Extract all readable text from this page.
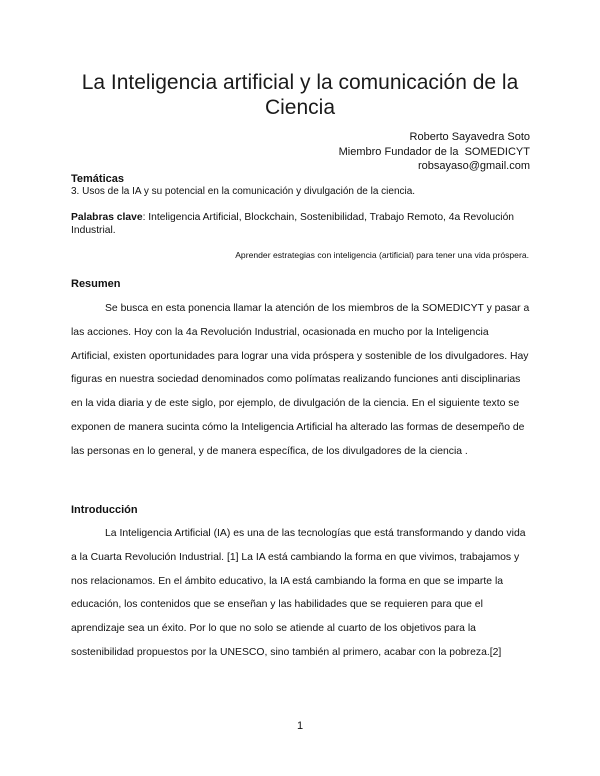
La Inteligencia artificial y la comunicación de la Ciencia
Roberto Sayavedra Soto
Miembro Fundador de la  SOMEDICYT
robsayaso@gmail.com
Temáticas
3. Usos de la IA y su potencial en la comunicación y divulgación de la ciencia.
Palabras clave: Inteligencia Artificial, Blockchain, Sostenibilidad, Trabajo Remoto, 4a Revolución Industrial.
Aprender estrategias con inteligencia (artificial) para tener una vida próspera.
Resumen

Se busca en esta ponencia llamar la atención de los miembros de la SOMEDICYT y pasar a las acciones. Hoy con la 4a Revolución Industrial, ocasionada en mucho por la Inteligencia Artificial, existen oportunidades para lograr una vida próspera y sostenible de los divulgadores. Hay figuras en nuestra sociedad denominados como polímatas realizando funciones anti disciplinarias en la vida diaria y de este siglo, por ejemplo, de divulgación de la ciencia. En el siguiente texto se exponen de manera sucinta cómo la Inteligencia Artificial ha alterado las formas de desempeño de las personas en lo general, y de manera específica, de los divulgadores de la ciencia .

Introducción

La Inteligencia Artificial (IA) es una de las tecnologías que está transformando y dando vida a la Cuarta Revolución Industrial. [1] La IA está cambiando la forma en que vivimos, trabajamos y nos relacionamos. En el ámbito educativo, la IA está cambiando la forma en que se imparte la educación, los contenidos que se enseñan y las habilidades que se requieren para que el aprendizaje sea un éxito. Por lo que no solo se atiende al cuarto de los objetivos para la sostenibilidad propuestos por la UNESCO, sino también al primero, acabar con la pobreza.[2]

1
